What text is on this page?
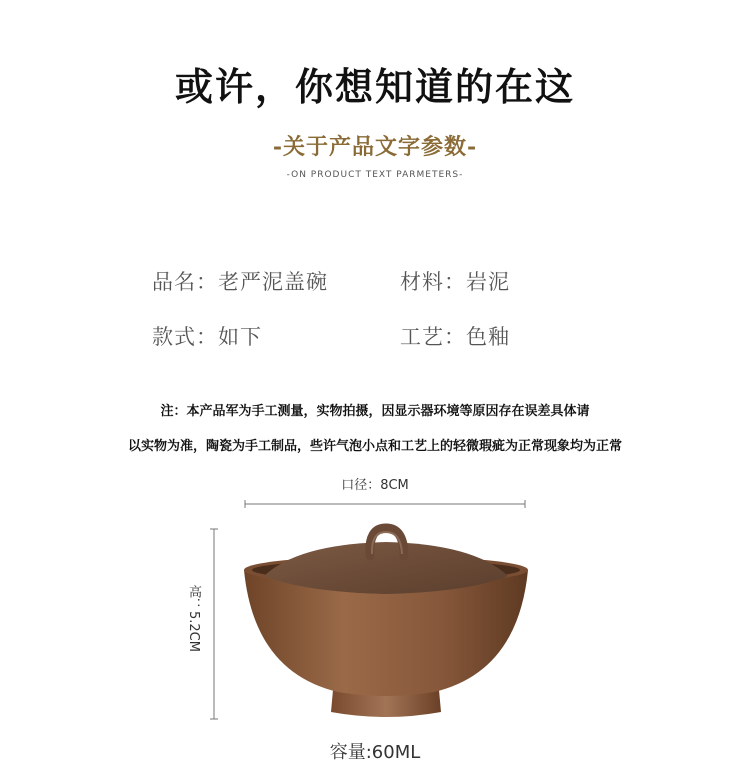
或许，你想知道的在这
-关于产品文字参数-
-ON PRODUCT TEXT PARMETERS-
品名：老严泥盖碗	材料：岩泥
款式：如下	工艺：色釉
注：本产品军为手工测量，实物拍摄，因显示器环境等原因存在误差具体请
以实物为准，陶瓷为手工制品，些许气泡小点和工艺上的轻微瑕疵为正常现象均为正常
口径：8CM
高：5.2CM
容量:60ML
